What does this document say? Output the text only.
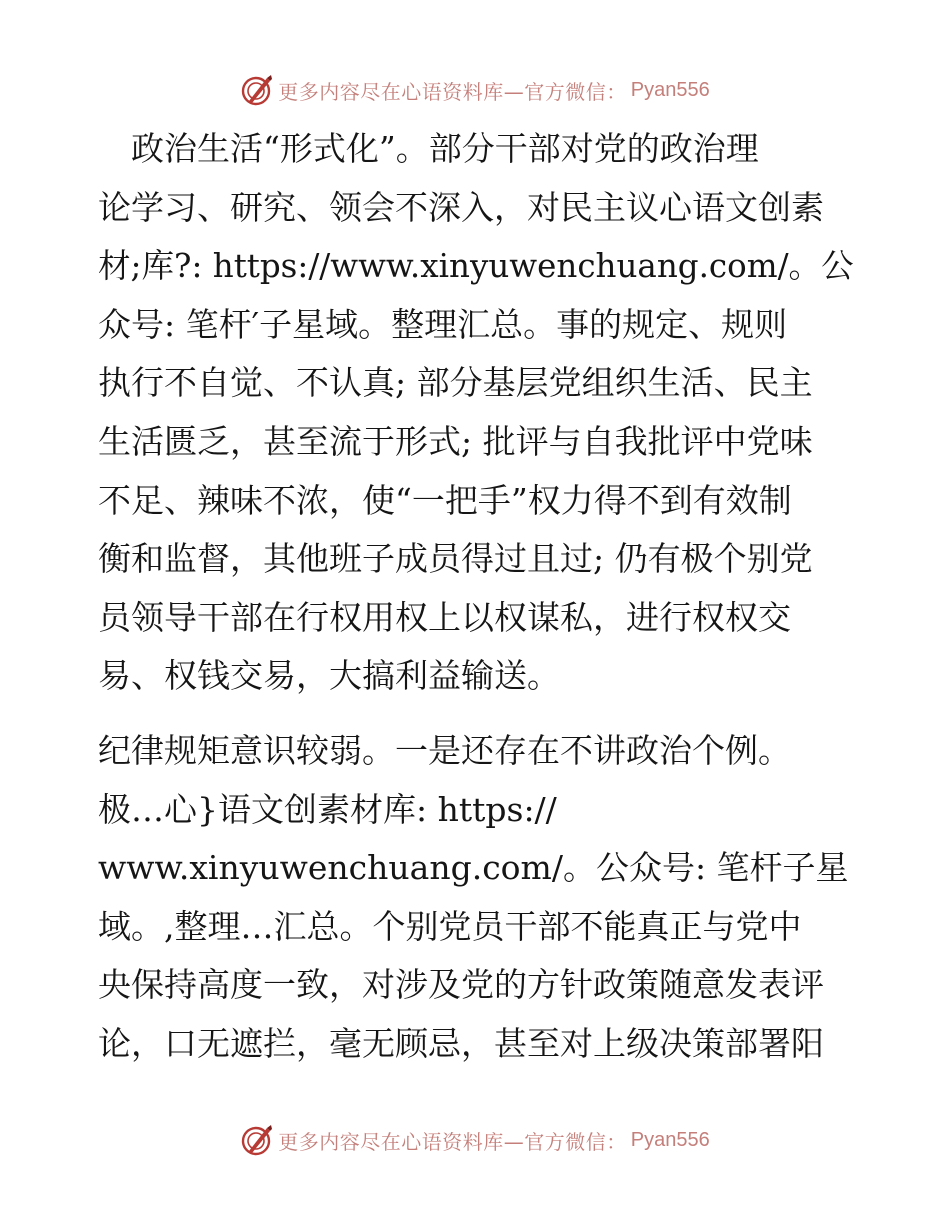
更多内容尽在心语资料库—官方微信： Pyan556
　政治生活“形式化”。部分干部对党的政治理
论学习、研究、领会不深入，对民主议心语文创素
材;库?: https://www.xinyuwenchuang.com/。公
众号: 笔杆′子星域。整理汇总。事的规定、规则
执行不自觉、不认真; 部分基层党组织生活、民主
生活匮乏，甚至流于形式; 批评与自我批评中党味
不足、辣味不浓，使“一把手”权力得不到有效制
衡和监督，其他班子成员得过且过; 仍有极个别党
员领导干部在行权用权上以权谋私，进行权权交
易、权钱交易，大搞利益输送。
纪律规矩意识较弱。一是还存在不讲政治个例。
极…心}语文创素材库: https://
www.xinyuwenchuang.com/。公众号: 笔杆子星
域。,整理…汇总。个别党员干部不能真正与党中
央保持高度一致，对涉及党的方针政策随意发表评
论，口无遮拦，毫无顾忌，甚至对上级决策部署阳
更多内容尽在心语资料库—官方微信： Pyan556
